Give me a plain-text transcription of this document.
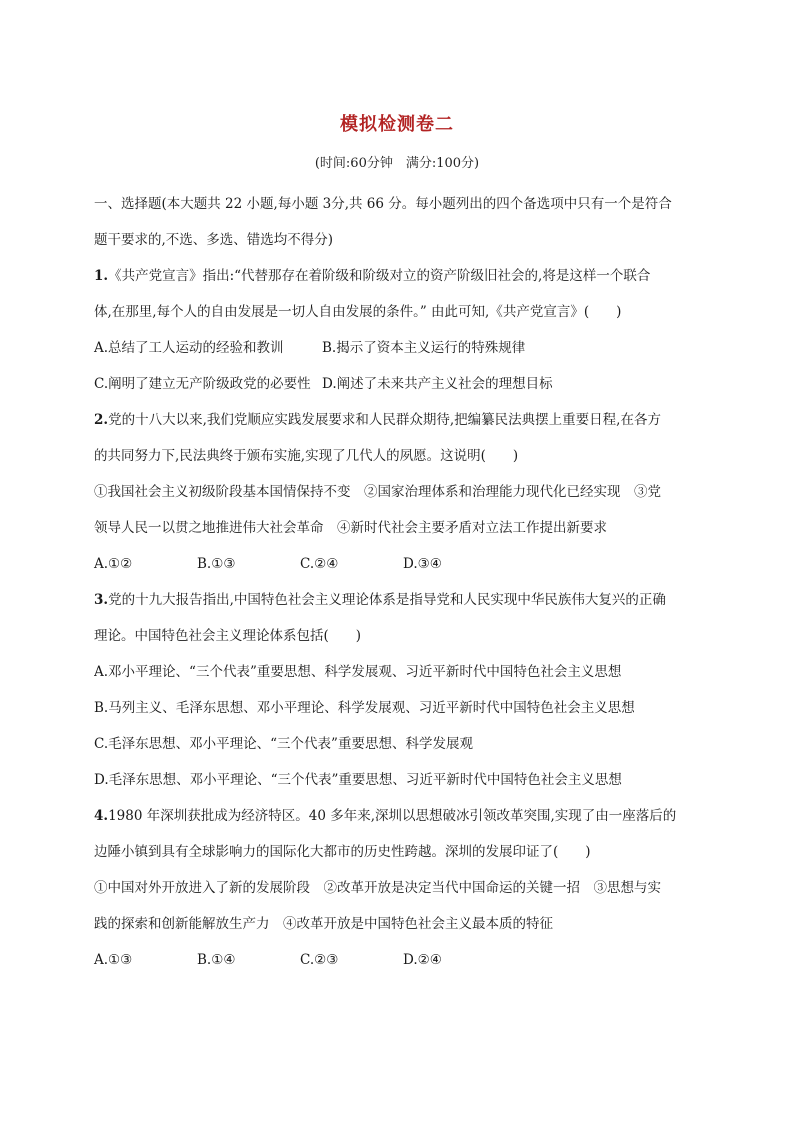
模拟检测卷二
(时间:60分钟　满分:100分)
一、选择题(本大题共 22 小题,每小题 3分,共 66 分。每小题列出的四个备选项中只有一个是符合
题干要求的,不选、多选、错选均不得分)
1.《共产党宣言》指出:“代替那存在着阶级和阶级对立的资产阶级旧社会的,将是这样一个联合
体,在那里,每个人的自由发展是一切人自由发展的条件。” 由此可知,《共产党宣言》(　　)
A.总结了工人运动的经验和教训	B.揭示了资本主义运行的特殊规律
C.阐明了建立无产阶级政党的必要性 D.阐述了未来共产主义社会的理想目标
2.党的十八大以来,我们党顺应实践发展要求和人民群众期待,把编纂民法典摆上重要日程,在各方
的共同努力下,民法典终于颁布实施,实现了几代人的夙愿。这说明(　　)
①我国社会主义初级阶段基本国情保持不变　②国家治理体系和治理能力现代化已经实现　③党
领导人民一以贯之地推进伟大社会革命　④新时代社会主要矛盾对立法工作提出新要求
A.①②	B.①③	C.②④	D.③④
3.党的十九大报告指出,中国特色社会主义理论体系是指导党和人民实现中华民族伟大复兴的正确
理论。中国特色社会主义理论体系包括(　　)
A.邓小平理论、“三个代表”重要思想、科学发展观、习近平新时代中国特色社会主义思想
B.马列主义、毛泽东思想、邓小平理论、科学发展观、习近平新时代中国特色社会主义思想
C.毛泽东思想、邓小平理论、“三个代表”重要思想、科学发展观
D.毛泽东思想、邓小平理论、“三个代表”重要思想、习近平新时代中国特色社会主义思想
4.1980 年深圳获批成为经济特区。40 多年来,深圳以思想破冰引领改革突围,实现了由一座落后的
边陲小镇到具有全球影响力的国际化大都市的历史性跨越。深圳的发展印证了(　　)
①中国对外开放进入了新的发展阶段　②改革开放是决定当代中国命运的关键一招　③思想与实
践的探索和创新能解放生产力　④改革开放是中国特色社会主义最本质的特征
A.①③	B.①④	C.②③	D.②④
